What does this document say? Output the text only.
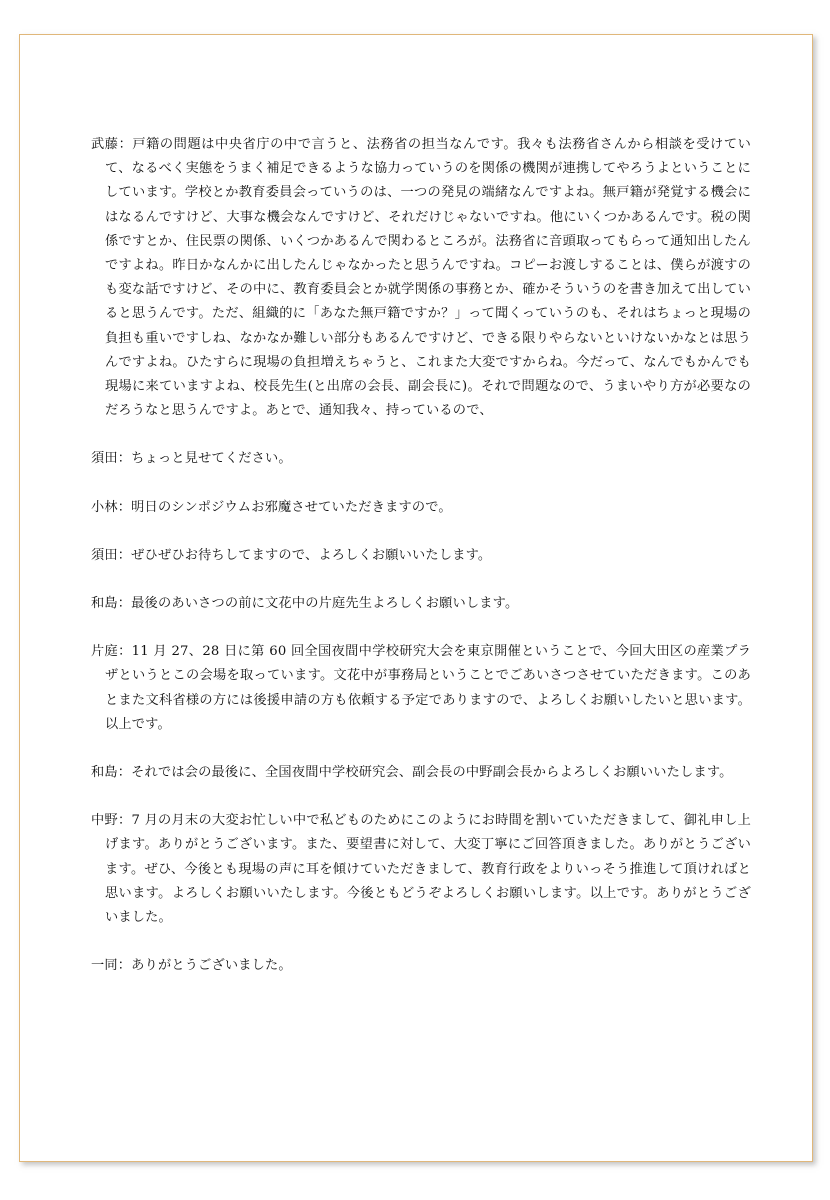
武藤：戸籍の問題は中央省庁の中で言うと、法務省の担当なんです。我々も法務省さんから相談を受けていて、なるべく実態をうまく補足できるような協力っていうのを関係の機関が連携してやろうよということにしています。学校とか教育委員会っていうのは、一つの発見の端緒なんですよね。無戸籍が発覚する機会にはなるんですけど、大事な機会なんですけど、それだけじゃないですね。他にいくつかあるんです。税の関係ですとか、住民票の関係、いくつかあるんで関わるところが。法務省に音頭取ってもらって通知出したんですよね。昨日かなんかに出したんじゃなかったと思うんですね。コピーお渡しすることは、僕らが渡すのも変な話ですけど、その中に、教育委員会とか就学関係の事務とか、確かそういうのを書き加えて出していると思うんです。ただ、組織的に「あなた無戸籍ですか？」って聞くっていうのも、それはちょっと現場の負担も重いですしね、なかなか難しい部分もあるんですけど、できる限りやらないといけないかなとは思うんですよね。ひたすらに現場の負担増えちゃうと、これまた大変ですからね。今だって、なんでもかんでも現場に来ていますよね、校長先生(と出席の会長、副会長に)。それで問題なので、うまいやり方が必要なのだろうなと思うんですよ。あとで、通知我々、持っているので、

須田：ちょっと見せてください。

小林：明日のシンポジウムお邪魔させていただきますので。

須田：ぜひぜひお待ちしてますので、よろしくお願いいたします。

和島：最後のあいさつの前に文花中の片庭先生よろしくお願いします。

片庭：11 月 27、28 日に第 60 回全国夜間中学校研究大会を東京開催ということで、今回大田区の産業プラザというとこの会場を取っています。文花中が事務局ということでごあいさつさせていただきます。このあとまた文科省様の方には後援申請の方も依頼する予定でありますので、よろしくお願いしたいと思います。以上です。

和島：それでは会の最後に、全国夜間中学校研究会、副会長の中野副会長からよろしくお願いいたします。

中野：7 月の月末の大変お忙しい中で私どものためにこのようにお時間を割いていただきまして、御礼申し上げます。ありがとうございます。また、要望書に対して、大変丁寧にご回答頂きました。ありがとうございます。ぜひ、今後とも現場の声に耳を傾けていただきまして、教育行政をよりいっそう推進して頂ければと思います。よろしくお願いいたします。今後ともどうぞよろしくお願いします。以上です。ありがとうございました。

一同：ありがとうございました。
